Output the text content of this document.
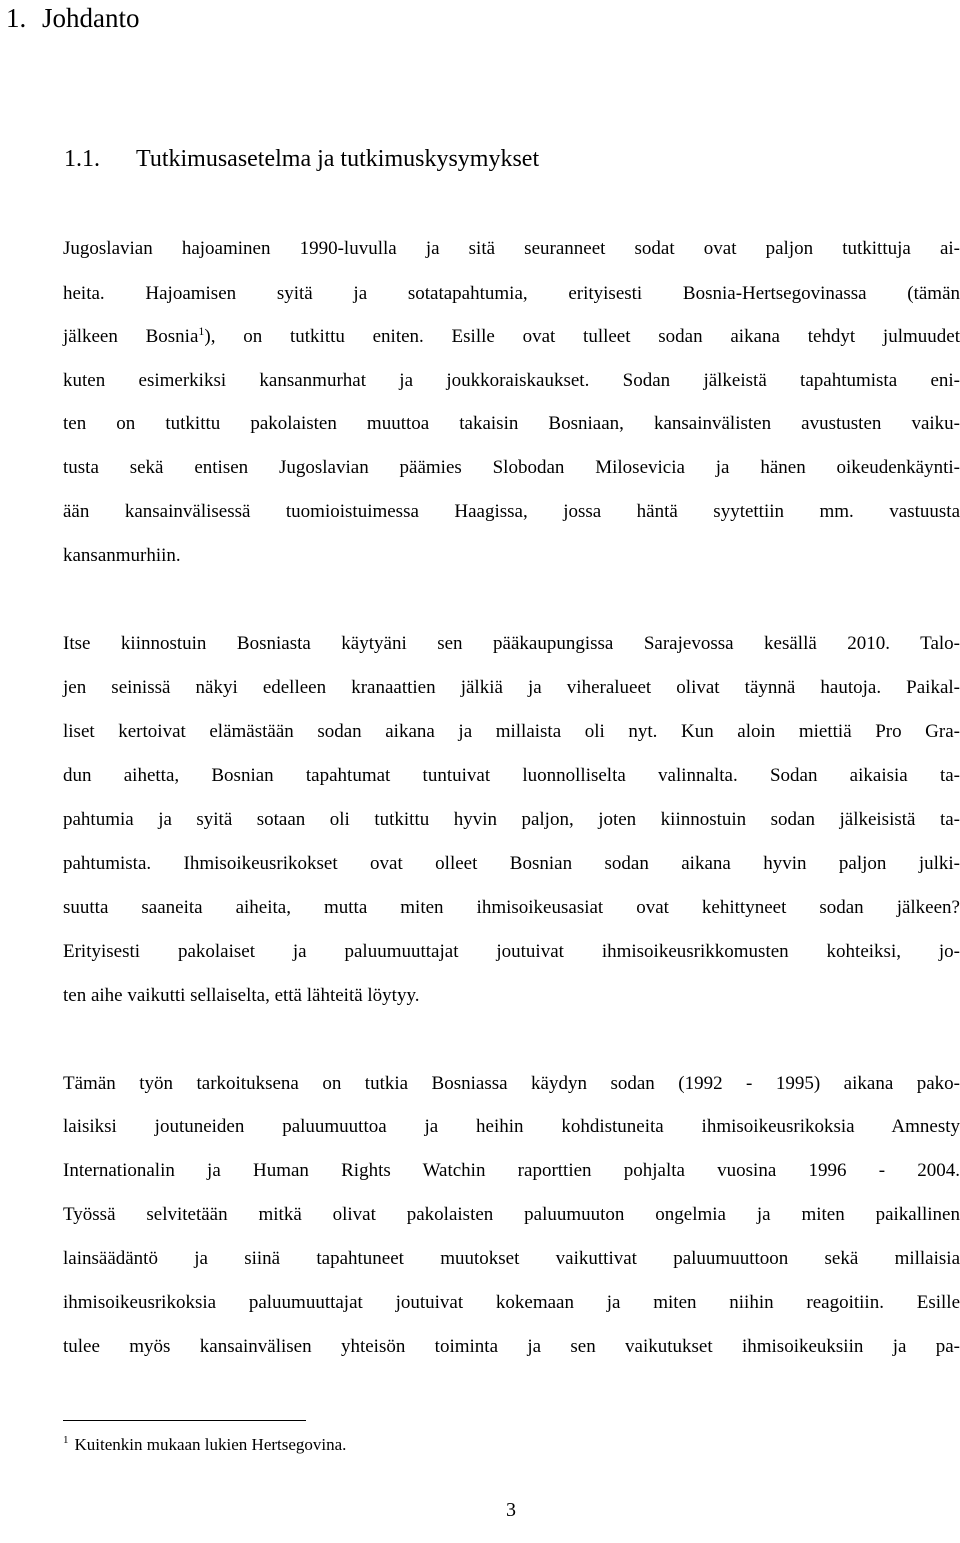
1. Johdanto
1.1. Tutkimusasetelma ja tutkimuskysymykset
Jugoslavian hajoaminen 1990-luvulla ja sitä seuranneet sodat ovat paljon tutkittuja ai-
heita. Hajoamisen syitä ja sotatapahtumia, erityisesti Bosnia-Hertsegovinassa (tämän
jälkeen Bosnia$^1$), on tutkittu eniten. Esille ovat tulleet sodan aikana tehdyt julmuudet
kuten esimerkiksi kansanmurhat ja joukkoraiskaukset. Sodan jälkeistä tapahtumista eni-
ten on tutkittu pakolaisten muuttoa takaisin Bosniaan, kansainvälisten avustusten vaiku-
tusta sekä entisen Jugoslavian päämies Slobodan Milosevicia ja hänen oikeudenkäynti-
ään kansainvälisessä tuomioistuimessa Haagissa, jossa häntä syytettiin mm. vastuusta
kansanmurhiin.
Itse kiinnostuin Bosniasta käytyäni sen pääkaupungissa Sarajevossa kesällä 2010. Talo-
jen seinissä näkyi edelleen kranaattien jälkiä ja viheralueet olivat täynnä hautoja. Paikal-
liset kertoivat elämästään sodan aikana ja millaista oli nyt. Kun aloin miettiä Pro Gra-
dun aihetta, Bosnian tapahtumat tuntuivat luonnolliselta valinnalta. Sodan aikaisia ta-
pahtumia ja syitä sotaan oli tutkittu hyvin paljon, joten kiinnostuin sodan jälkeisistä ta-
pahtumista. Ihmisoikeusrikokset ovat olleet Bosnian sodan aikana hyvin paljon julki-
suutta saaneita aiheita, mutta miten ihmisoikeusasiat ovat kehittyneet sodan jälkeen?
Erityisesti pakolaiset ja paluumuuttajat joutuivat ihmisoikeusrikkomusten kohteiksi, jo-
ten aihe vaikutti sellaiselta, että lähteitä löytyy.
Tämän työn tarkoituksena on tutkia Bosniassa käydyn sodan (1992 - 1995) aikana pako-
laisiksi joutuneiden paluumuuttoa ja heihin kohdistuneita ihmisoikeusrikoksia Amnesty
Internationalin ja Human Rights Watchin raporttien pohjalta vuosina 1996 - 2004.
Työssä selvitetään mitkä olivat pakolaisten paluumuuton ongelmia ja miten paikallinen
lainsäädäntö ja siinä tapahtuneet muutokset vaikuttivat paluumuuttoon sekä millaisia
ihmisoikeusrikoksia paluumuuttajat joutuivat kokemaan ja miten niihin reagoitiin. Esille
tulee myös kansainvälisen yhteisön toiminta ja sen vaikutukset ihmisoikeuksiin ja pa-
$^1$ Kuitenkin mukaan lukien Hertsegovina.
3
